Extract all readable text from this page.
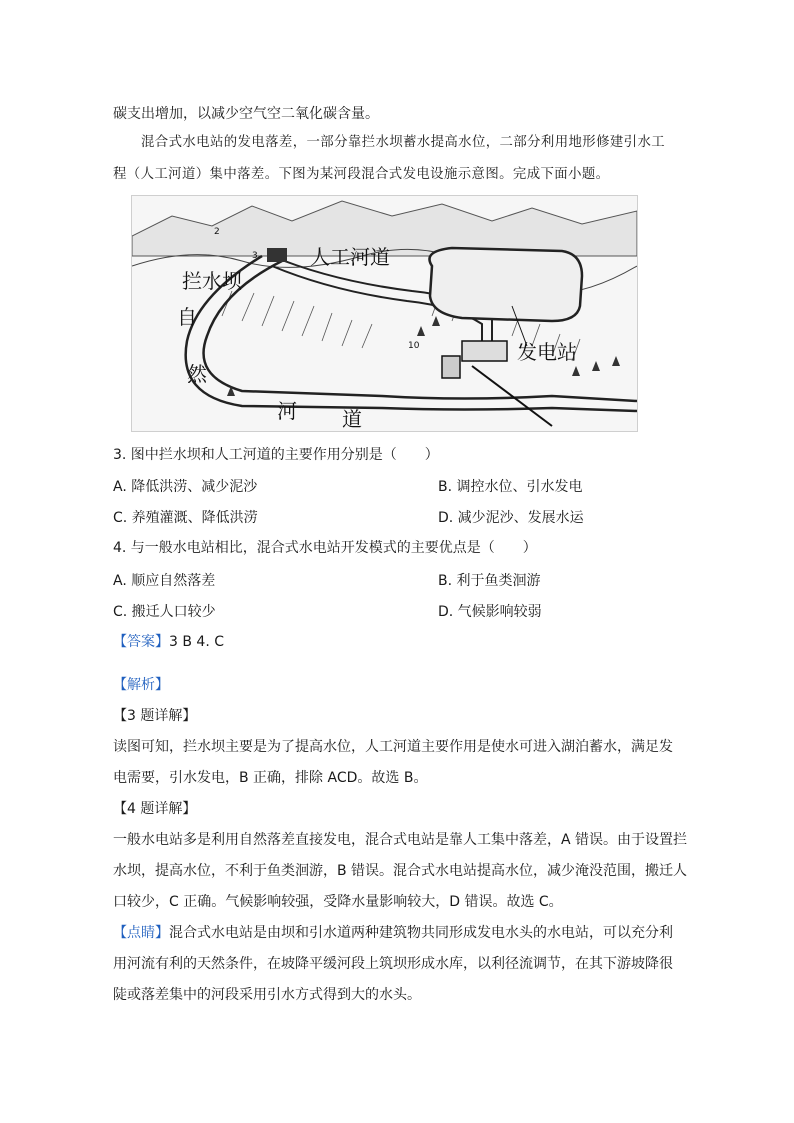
碳支出增加，以减少空气空二氧化碳含量。
混合式水电站的发电落差，一部分靠拦水坝蓄水提高水位，二部分利用地形修建引水工
程（人工河道）集中落差。下图为某河段混合式发电设施示意图。完成下面小题。
拦水坝
人工河道
发电站
自
然
河 道
2
3
10
3. 图中拦水坝和人工河道的主要作用分别是（　　）
A. 降低洪涝、减少泥沙	B. 调控水位、引水发电
C. 养殖灌溉、降低洪涝	D. 减少泥沙、发展水运
4. 与一般水电站相比，混合式水电站开发模式的主要优点是（　　）
A. 顺应自然落差	B. 利于鱼类洄游
C. 搬迁人口较少	D. 气候影响较弱
【答案】3 B 4. C
【解析】
【3 题详解】
读图可知，拦水坝主要是为了提高水位，人工河道主要作用是使水可进入湖泊蓄水，满足发
电需要，引水发电，B 正确，排除 ACD。故选 B。
【4 题详解】
一般水电站多是利用自然落差直接发电，混合式电站是靠人工集中落差，A 错误。由于设置拦
水坝，提高水位，不利于鱼类洄游，B 错误。混合式水电站提高水位，减少淹没范围，搬迁人
口较少，C 正确。气候影响较强，受降水量影响较大，D 错误。故选 C。
【点睛】混合式水电站是由坝和引水道两种建筑物共同形成发电水头的水电站，可以充分利
用河流有利的天然条件，在坡降平缓河段上筑坝形成水库，以利径流调节，在其下游坡降很
陡或落差集中的河段采用引水方式得到大的水头。
